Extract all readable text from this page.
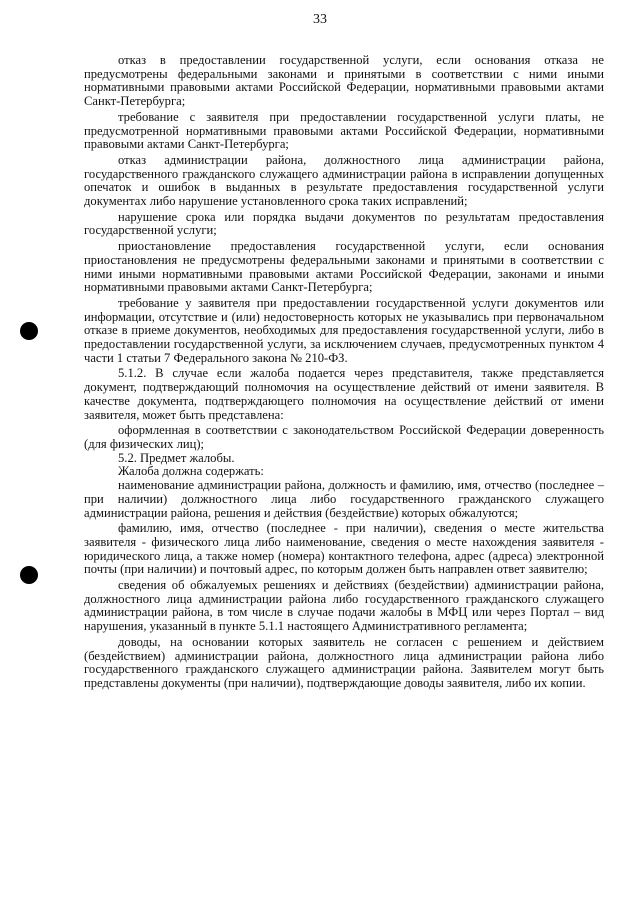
33

отказ в предоставлении государственной услуги, если основания отказа не предусмотрены федеральными законами и принятыми в соответствии с ними иными нормативными правовыми актами Российской Федерации, нормативными правовыми актами Санкт-Петербурга;

требование с заявителя при предоставлении государственной услуги платы, не предусмотренной нормативными правовыми актами Российской Федерации, нормативными правовыми актами Санкт-Петербурга;

отказ администрации района, должностного лица администрации района, государственного гражданского служащего администрации района в исправлении допущенных опечаток и ошибок в выданных в результате предоставления государственной услуги документах либо нарушение установленного срока таких исправлений;

нарушение срока или порядка выдачи документов по результатам предоставления государственной услуги;

приостановление предоставления государственной услуги, если основания приостановления не предусмотрены федеральными законами и принятыми в соответствии с ними иными нормативными правовыми актами Российской Федерации, законами и иными нормативными правовыми актами Санкт-Петербурга;

требование у заявителя при предоставлении государственной услуги документов или информации, отсутствие и (или) недостоверность которых не указывались при первоначальном отказе в приеме документов, необходимых для предоставления государственной услуги, либо в предоставлении государственной услуги, за исключением случаев, предусмотренных пунктом 4 части 1 статьи 7 Федерального закона № 210-ФЗ.

5.1.2. В случае если жалоба подается через представителя, также представляется документ, подтверждающий полномочия на осуществление действий от имени заявителя. В качестве документа, подтверждающего полномочия на осуществление действий от имени заявителя, может быть представлена:

оформленная в соответствии с законодательством Российской Федерации доверенность (для физических лиц);

5.2. Предмет жалобы.

Жалоба должна содержать:

наименование администрации района, должность и фамилию, имя, отчество (последнее – при наличии) должностного лица либо государственного гражданского служащего администрации района, решения и действия (бездействие) которых обжалуются;

фамилию, имя, отчество (последнее - при наличии), сведения о месте жительства заявителя - физического лица либо наименование, сведения о месте нахождения заявителя - юридического лица, а также номер (номера) контактного телефона, адрес (адреса) электронной почты (при наличии) и почтовый адрес, по которым должен быть направлен ответ заявителю;

сведения об обжалуемых решениях и действиях (бездействии) администрации района, должностного лица администрации района либо государственного гражданского служащего администрации района, в том числе в случае подачи жалобы в МФЦ или через Портал – вид нарушения, указанный в пункте 5.1.1 настоящего Административного регламента;

доводы, на основании которых заявитель не согласен с решением и действием (бездействием) администрации района, должностного лица администрации района либо государственного гражданского служащего администрации района. Заявителем могут быть представлены документы (при наличии), подтверждающие доводы заявителя, либо их копии.
